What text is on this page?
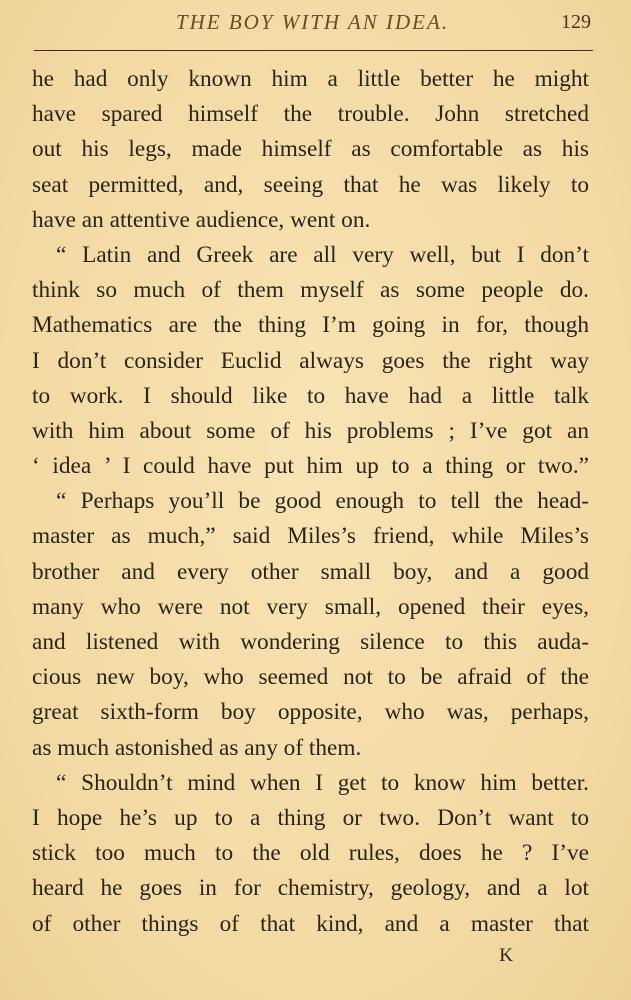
THE BOY WITH AN IDEA.	129
he had only known him a little better he might
have spared himself the trouble. John stretched
out his legs, made himself as comfortable as his
seat permitted, and, seeing that he was likely to
have an attentive audience, went on.
“ Latin and Greek are all very well, but I don’t
think so much of them myself as some people do.
Mathematics are the thing I’m going in for, though
I don’t consider Euclid always goes the right way
to work. I should like to have had a little talk
with him about some of his problems ; I’ve got an
‘ idea ’ I could have put him up to a thing or two.”
“ Perhaps you’ll be good enough to tell the head-
master as much,” said Miles’s friend, while Miles’s
brother and every other small boy, and a good
many who were not very small, opened their eyes,
and listened with wondering silence to this auda-
cious new boy, who seemed not to be afraid of the
great sixth-form boy opposite, who was, perhaps,
as much astonished as any of them.
“ Shouldn’t mind when I get to know him better.
I hope he’s up to a thing or two. Don’t want to
stick too much to the old rules, does he ? I’ve
heard he goes in for chemistry, geology, and a lot
of other things of that kind, and a master that
K
